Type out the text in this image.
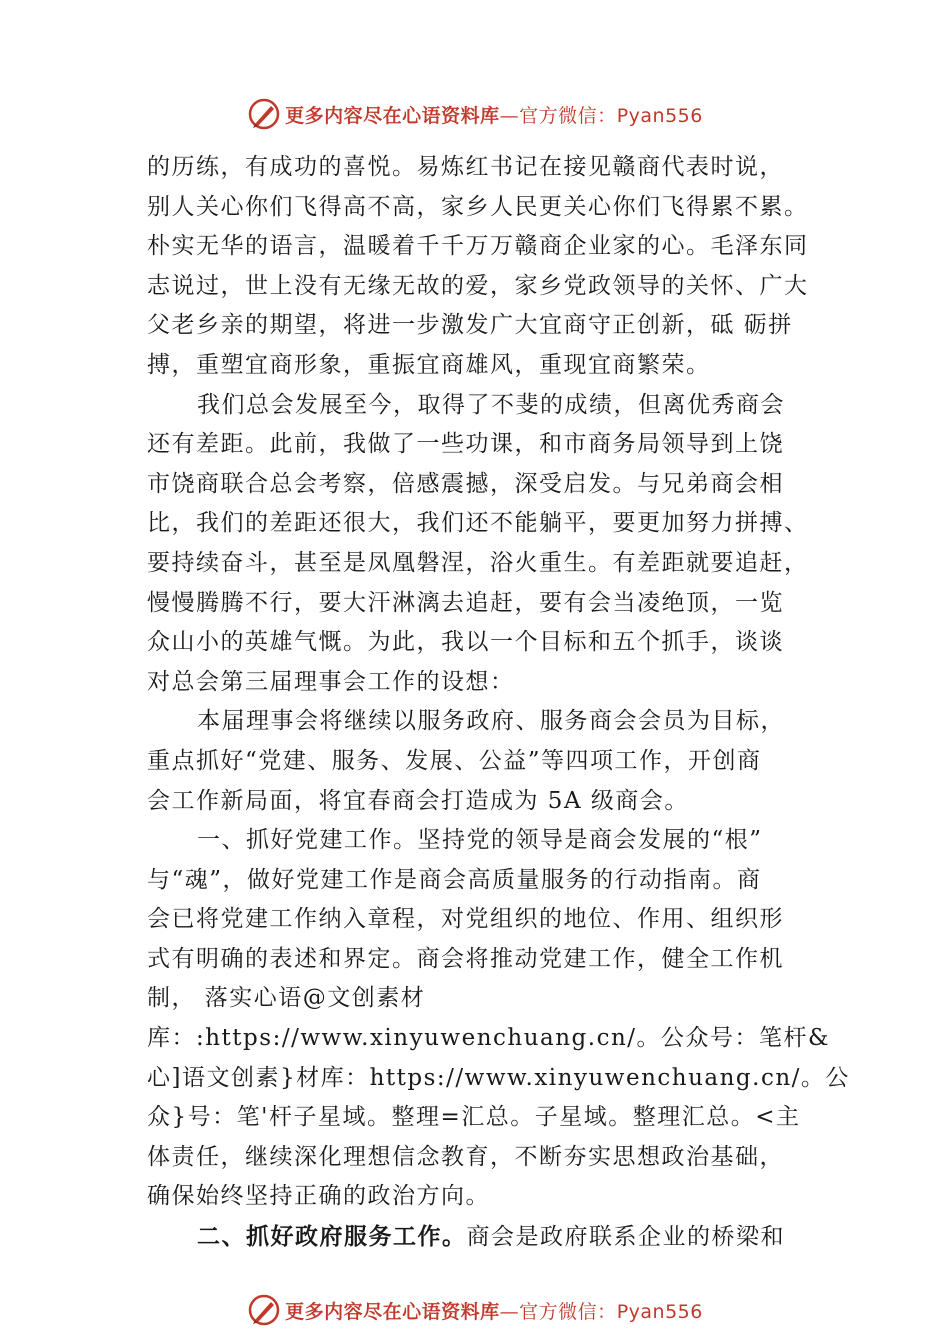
更多内容尽在心语资料库—官方微信：Pyan556
的历练，有成功的喜悦。易炼红书记在接见赣商代表时说，
别人关心你们飞得高不高，家乡人民更关心你们飞得累不累。
朴实无华的语言，温暖着千千万万赣商企业家的心。毛泽东同
志说过，世上没有无缘无故的爱，家乡党政领导的关怀、广大
父老乡亲的期望，将进一步激发广大宜商守正创新，砥 砺拼
搏，重塑宜商形象，重振宜商雄风，重现宜商繁荣。
我们总会发展至今，取得了不斐的成绩，但离优秀商会
还有差距。此前，我做了一些功课，和市商务局领导到上饶
市饶商联合总会考察，倍感震撼，深受启发。与兄弟商会相
比，我们的差距还很大，我们还不能躺平，要更加努力拼搏、
要持续奋斗，甚至是凤凰磐涅，浴火重生。有差距就要追赶，
慢慢腾腾不行，要大汗淋漓去追赶，要有会当凌绝顶，一览
众山小的英雄气慨。为此，我以一个目标和五个抓手，谈谈
对总会第三届理事会工作的设想：
本届理事会将继续以服务政府、服务商会会员为目标，
重点抓好“党建、服务、发展、公益”等四项工作，开创商
会工作新局面，将宜春商会打造成为 5A 级商会。
一、抓好党建工作。坚持党的领导是商会发展的“根”
与“魂”，做好党建工作是商会高质量服务的行动指南。商
会已将党建工作纳入章程，对党组织的地位、作用、组织形
式有明确的表述和界定。商会将推动党建工作，健全工作机
制， 落实心语@文创素材
库：:https://www.xinyuwenchuang.cn/。公众号：笔杆&
心]语文创素}材库：https://www.xinyuwenchuang.cn/。公
众}号：笔'杆子星域。整理=汇总。子星域。整理汇总。<主
体责任，继续深化理想信念教育，不断夯实思想政治基础，
确保始终坚持正确的政治方向。
二、抓好政府服务工作。商会是政府联系企业的桥梁和
更多内容尽在心语资料库—官方微信：Pyan556
